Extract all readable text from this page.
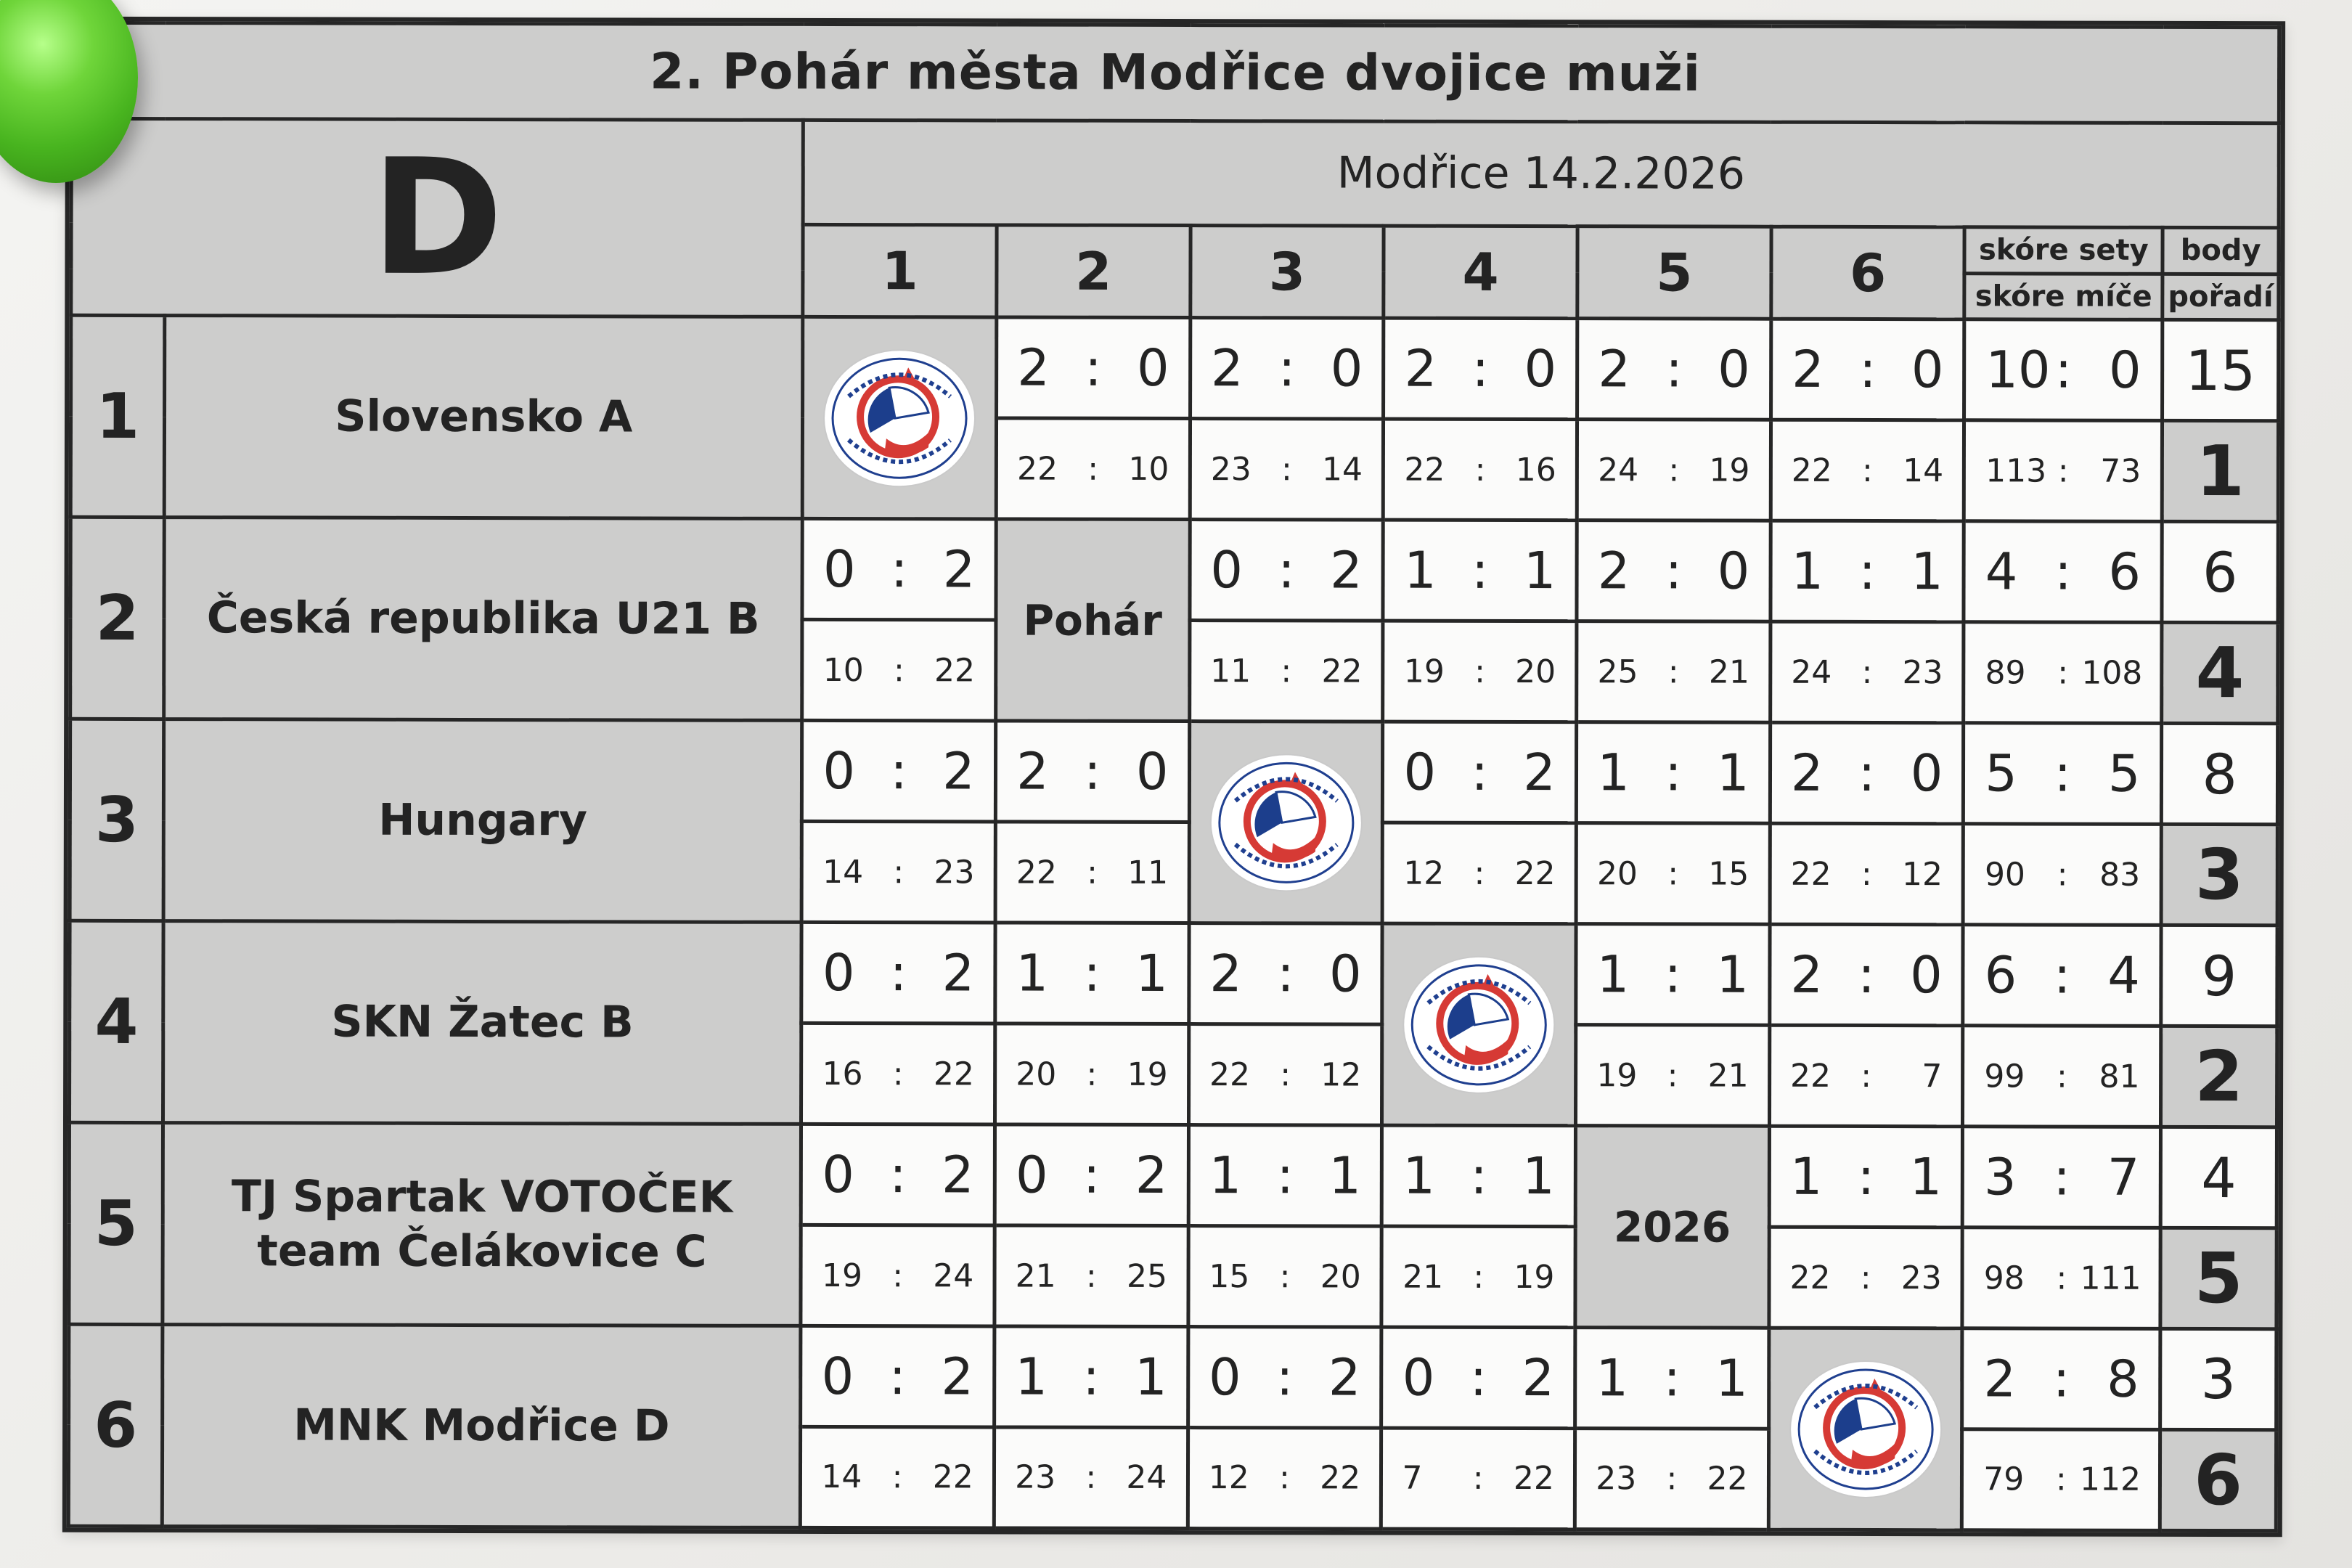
2. Pohár města Modřice dvojice muži									
D		Modřice 14.2.2026							
		1	2	3	4	5	6	skóre sety	body
								skóre míče	pořadí
1	Slovensko A		2 : 0	2 : 0	2 : 0	2 : 0	2 : 0	10: 0	15
			22 : 10	23 : 14	22 : 16	24 : 19	22 : 14	113 : 73	1
2	Česká republika U21 B	0 : 2	Pohár	0 : 2	1 : 1	2 : 0	1 : 1	4 : 6	6
		10 : 22		11 : 22	19 : 20	25 : 21	24 : 23	89 : 108	4
3	Hungary	0 : 2	2 : 0		0 : 2	1 : 1	2 : 0	5 : 5	8
		14 : 23	22 : 11		12 : 22	20 : 15	22 : 12	90 : 83	3
4	SKN Žatec B	0 : 2	1 : 1	2 : 0		1 : 1	2 : 0	6 : 4	9
		16 : 22	20 : 19	22 : 12		19 : 21	22 : 7	99 : 81	2
5	TJ Spartak VOTOČEK
team Čelákovice C	0 : 2	0 : 2	1 : 1	1 : 1	2026	1 : 1	3 : 7	4
		19 : 24	21 : 25	15 : 20	21 : 19		22 : 23	98 : 111	5
6	MNK Modřice D	0 : 2	1 : 1	0 : 2	0 : 2	1 : 1		2 : 8	3
		14 : 22	23 : 24	12 : 22	7 : 22	23 : 22		79 : 112	6
